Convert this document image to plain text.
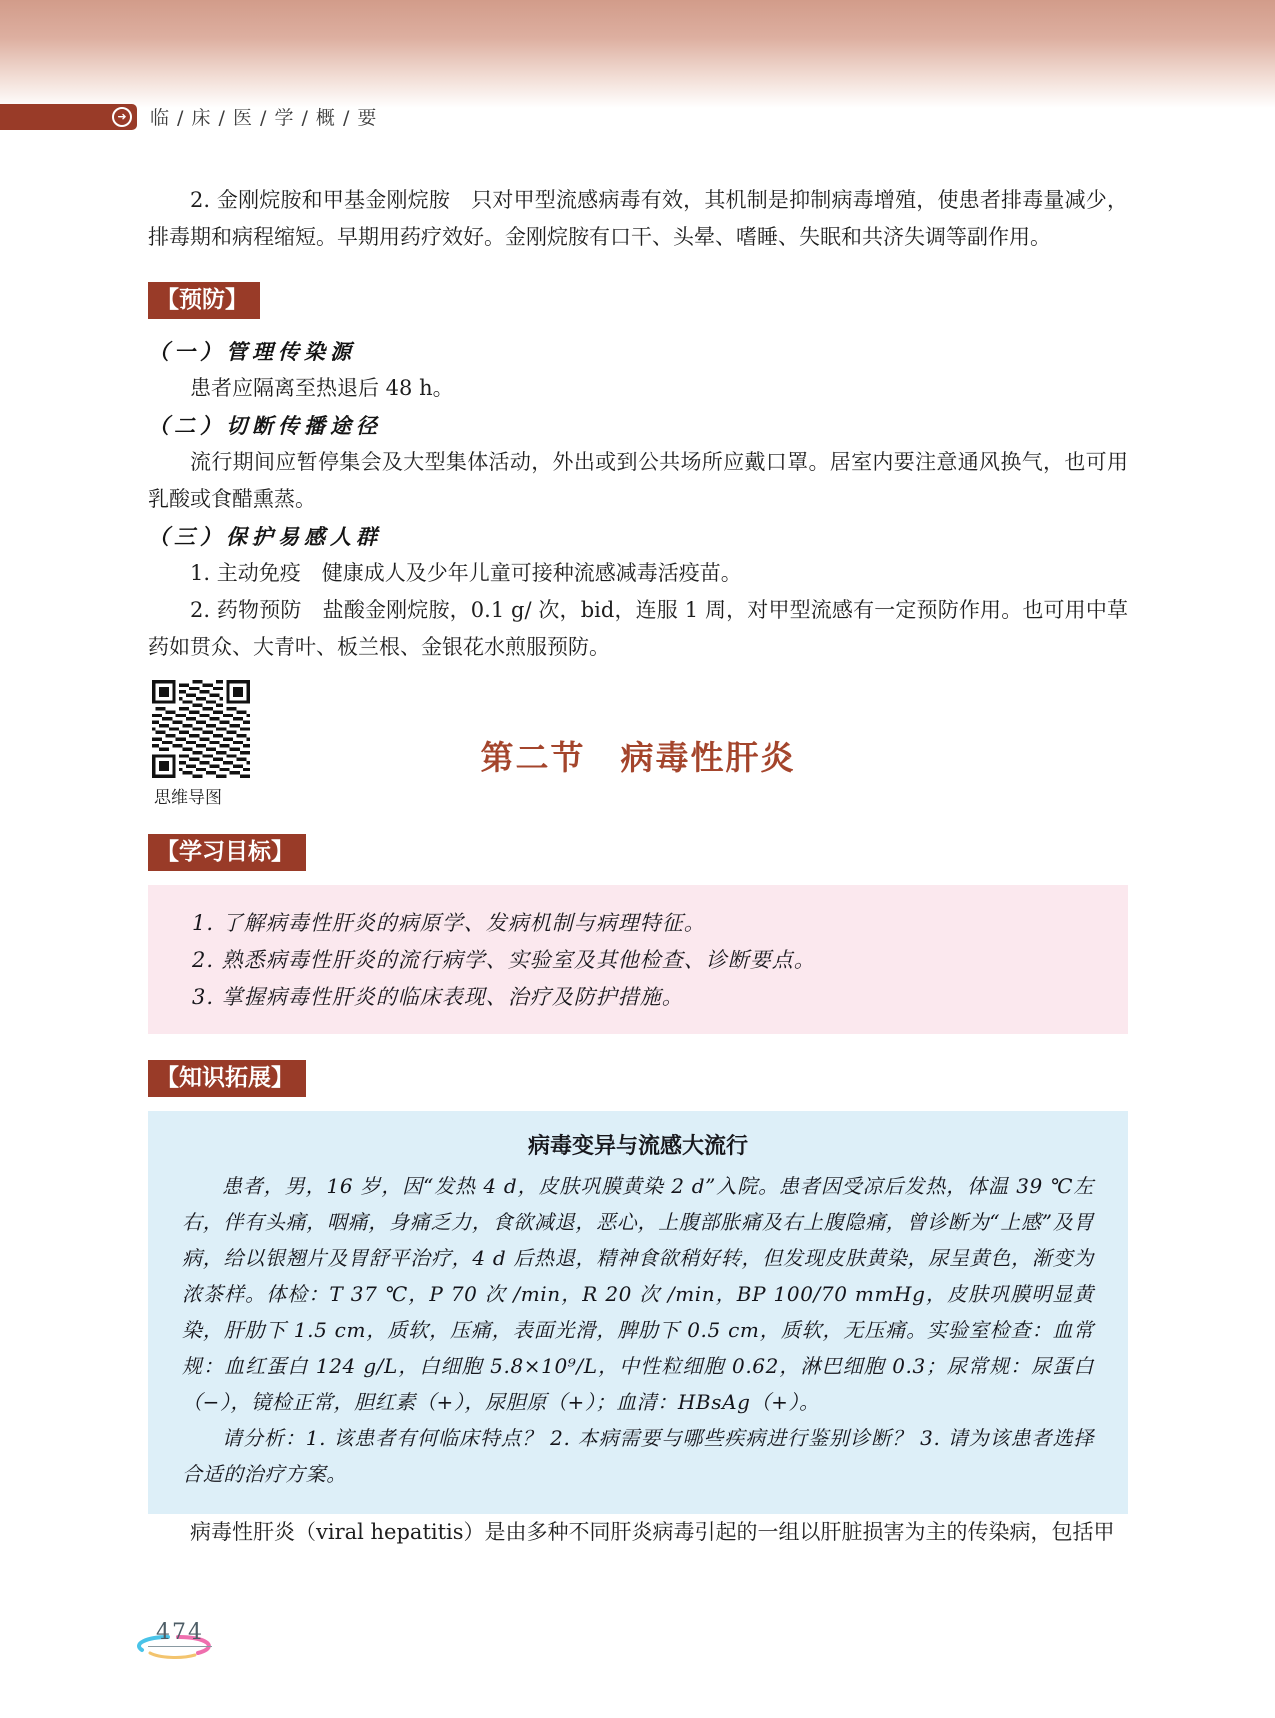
➜ 临 / 床 / 医 / 学 / 概 / 要

2. 金刚烷胺和甲基金刚烷胺　只对甲型流感病毒有效，其机制是抑制病毒增殖，使患者排毒量减少，排毒期和病程缩短。早期用药疗效好。金刚烷胺有口干、头晕、嗜睡、失眠和共济失调等副作用。

【预防】
（一）管理传染源

患者应隔离至热退后 48 h。

（二）切断传播途径

流行期间应暂停集会及大型集体活动，外出或到公共场所应戴口罩。居室内要注意通风换气，也可用乳酸或食醋熏蒸。

（三）保护易感人群

1. 主动免疫　健康成人及少年儿童可接种流感减毒活疫苗。

2. 药物预防　盐酸金刚烷胺，0.1 g/ 次，bid，连服 1 周，对甲型流感有一定预防作用。也可用中草药如贯众、大青叶、板兰根、金银花水煎服预防。

思维导图
第二节　病毒性肝炎
【学习目标】
1. 了解病毒性肝炎的病原学、发病机制与病理特征。
2. 熟悉病毒性肝炎的流行病学、实验室及其他检查、诊断要点。
3. 掌握病毒性肝炎的临床表现、治疗及防护措施。
【知识拓展】
病毒变异与流感大流行

患者，男，16 岁，因“发热 4 d，皮肤巩膜黄染 2 d”入院。患者因受凉后发热，体温 39 ℃左右，伴有头痛，咽痛，身痛乏力，食欲减退，恶心，上腹部胀痛及右上腹隐痛，曾诊断为“上感”及胃病，给以银翘片及胃舒平治疗，4 d 后热退，精神食欲稍好转，但发现皮肤黄染，尿呈黄色，渐变为浓茶样。体检：T 37 ℃，P 70 次 /min，R 20 次 /min，BP 100/70 mmHg，皮肤巩膜明显黄染，肝肋下 1.5 cm，质软，压痛，表面光滑，脾肋下 0.5 cm，质软，无压痛。实验室检查：血常规：血红蛋白 124 g/L，白细胞 5.8×10⁹/L，中性粒细胞 0.62，淋巴细胞 0.3；尿常规：尿蛋白（−），镜检正常，胆红素（+），尿胆原（+）；血清：HBsAg（+）。

请分析：1. 该患者有何临床特点？ 2. 本病需要与哪些疾病进行鉴别诊断？ 3. 请为该患者选择合适的治疗方案。

病毒性肝炎（viral hepatitis）是由多种不同肝炎病毒引起的一组以肝脏损害为主的传染病，包括甲

474
